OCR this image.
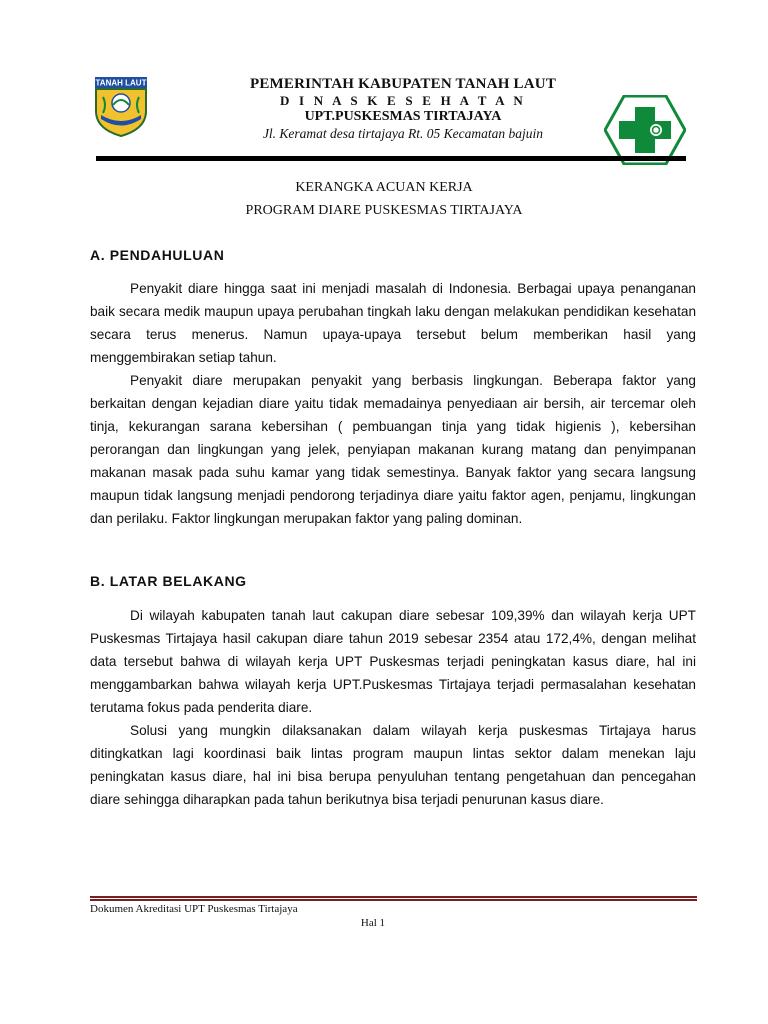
TANAH LAUT	PEMERINTAH KABUPATEN TANAH LAUT
D I N A S K E S E H A T A N
UPT.PUSKESMAS TIRTAJAYA
Jl. Keramat desa tirtajaya Rt. 05 Kecamatan bajuin
KERANGKA ACUAN KERJA
PROGRAM DIARE PUSKESMAS TIRTAJAYA
A. PENDAHULUAN

Penyakit diare hingga saat ini menjadi masalah di Indonesia. Berbagai upaya penanganan baik secara medik maupun upaya perubahan tingkah laku dengan melakukan pendidikan kesehatan secara terus menerus. Namun upaya-upaya tersebut belum memberikan hasil yang menggembirakan setiap tahun.

Penyakit diare merupakan penyakit yang berbasis lingkungan. Beberapa faktor yang berkaitan dengan kejadian diare yaitu tidak memadainya penyediaan air bersih, air tercemar oleh tinja, kekurangan sarana kebersihan ( pembuangan tinja yang tidak higienis ), kebersihan perorangan dan lingkungan yang jelek, penyiapan makanan kurang matang dan penyimpanan makanan masak pada suhu kamar yang tidak semestinya. Banyak faktor yang secara langsung maupun tidak langsung menjadi pendorong terjadinya diare yaitu faktor agen, penjamu, lingkungan dan perilaku. Faktor lingkungan merupakan faktor yang paling dominan.

B. LATAR BELAKANG

Di wilayah kabupaten tanah laut cakupan diare sebesar 109,39% dan wilayah kerja UPT Puskesmas Tirtajaya hasil cakupan diare tahun 2019 sebesar 2354 atau 172,4%, dengan melihat data tersebut bahwa di wilayah kerja UPT Puskesmas terjadi peningkatan kasus diare, hal ini menggambarkan bahwa wilayah kerja UPT.Puskesmas Tirtajaya terjadi permasalahan kesehatan terutama fokus pada penderita diare.

Solusi yang mungkin dilaksanakan dalam wilayah kerja puskesmas Tirtajaya harus ditingkatkan lagi koordinasi baik lintas program maupun lintas sektor dalam menekan laju peningkatan kasus diare, hal ini bisa berupa penyuluhan tentang pengetahuan dan pencegahan diare sehingga diharapkan pada tahun berikutnya bisa terjadi penurunan kasus diare.

Dokumen Akreditasi UPT Puskesmas Tirtajaya
Hal 1
